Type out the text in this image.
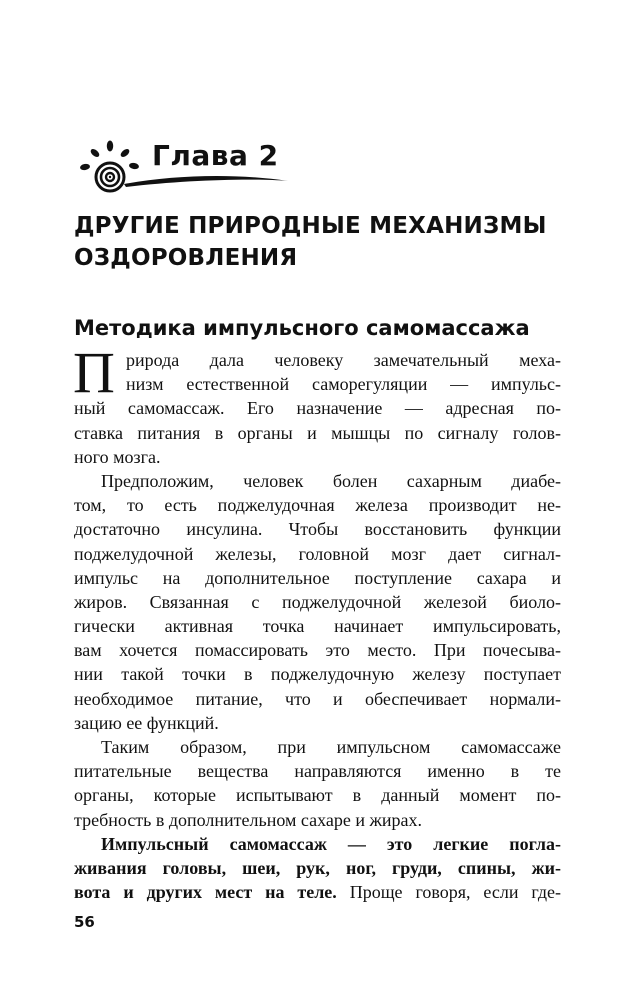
Глава 2
ДРУГИЕ ПРИРОДНЫЕ МЕХАНИЗМЫ
ОЗДОРОВЛЕНИЯ
Методика импульсного самомассажа
П рирода дала человеку замечательный меха-
низм естественной саморегуляции — импульс-
ный самомассаж. Его назначение — адресная по-
ставка питания в органы и мышцы по сигналу голов-
ного мозга.
Предположим, человек болен сахарным диабе-
том, то есть поджелудочная железа производит не-
достаточно инсулина. Чтобы восстановить функции
поджелудочной железы, головной мозг дает сигнал-
импульс на дополнительное поступление сахара и
жиров. Связанная с поджелудочной железой биоло-
гически активная точка начинает импульсировать,
вам хочется помассировать это место. При почесыва-
нии такой точки в поджелудочную железу поступает
необходимое питание, что и обеспечивает нормали-
зацию ее функций.
Таким образом, при импульсном самомассаже
питательные вещества направляются именно в те
органы, которые испытывают в данный момент по-
требность в дополнительном сахаре и жирах.
Импульсный самомассаж — это легкие погла-
живания головы, шеи, рук, ног, груди, спины, жи-
вота и других мест на теле. Проще говоря, если где-
56
